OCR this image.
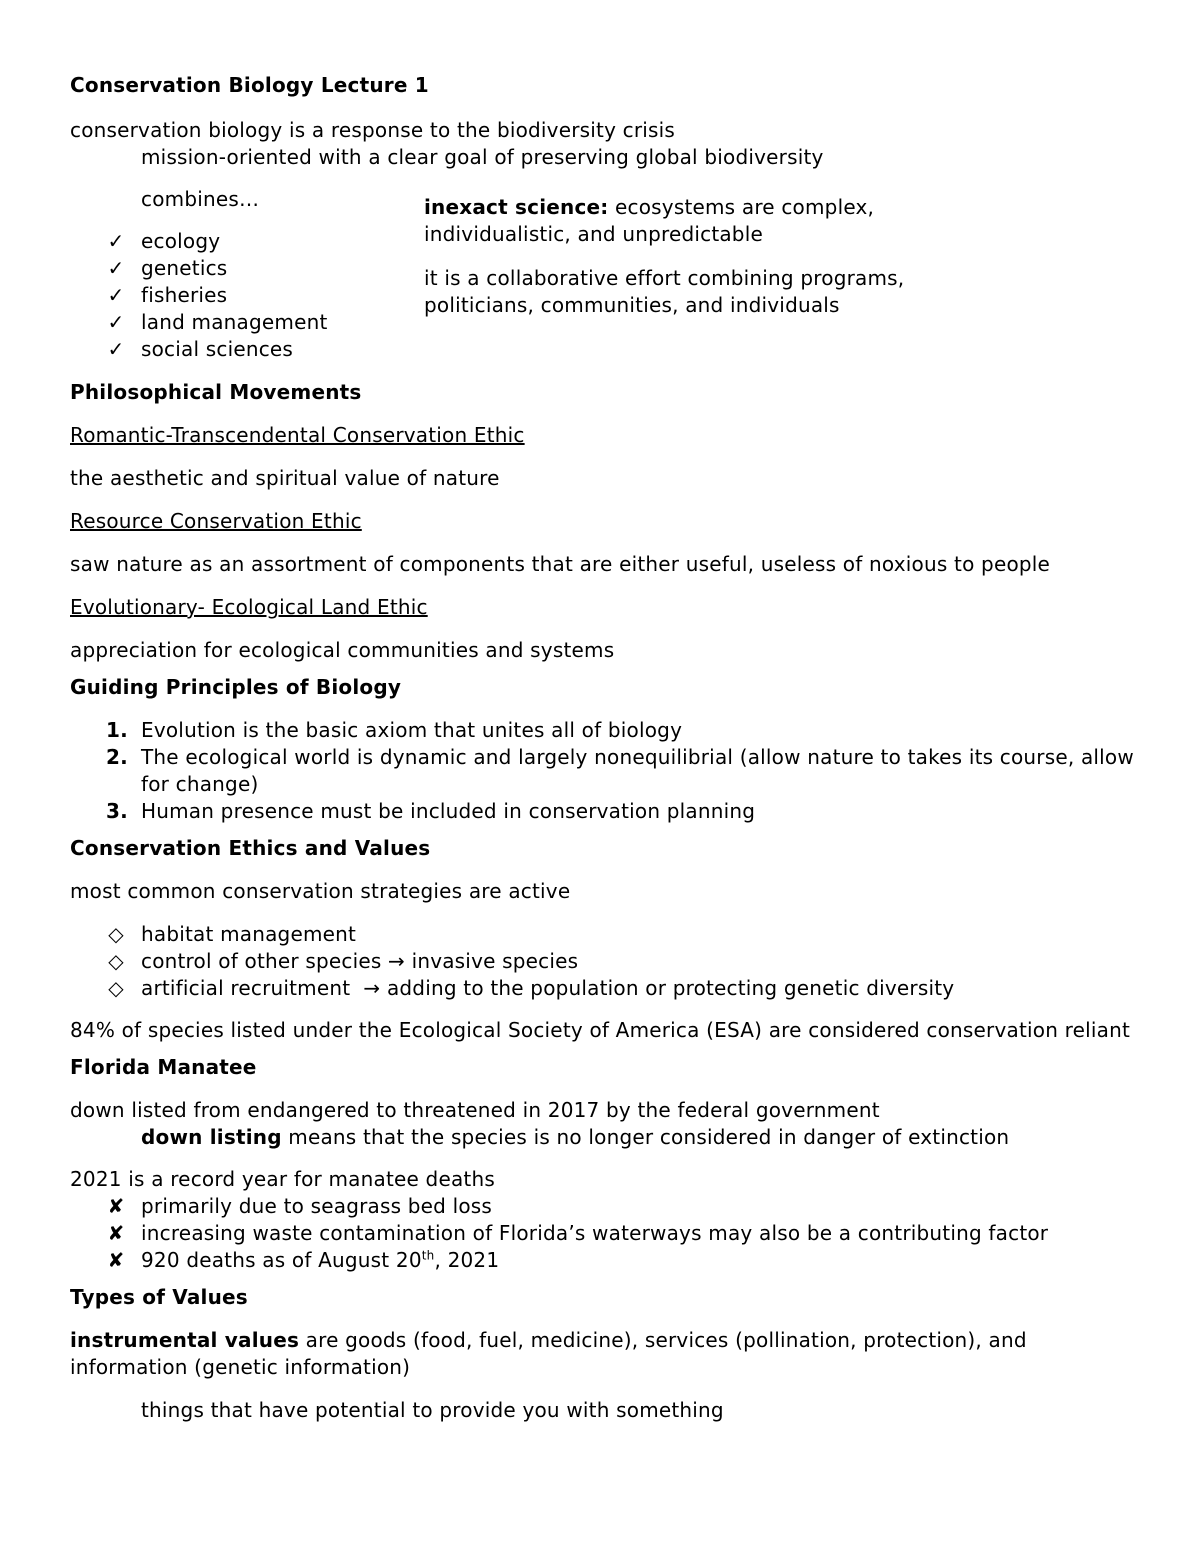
Conservation Biology Lecture 1

conservation biology is a response to the biodiversity crisis

mission-oriented with a clear goal of preserving global biodiversity

combines…

✓ ecology
✓ genetics
✓ fisheries
✓ land management
✓ social sciences

inexact science: ecosystems are complex, individualistic, and unpredictable

it is a collaborative effort combining programs, politicians, communities, and individuals

Philosophical Movements

Romantic-Transcendental Conservation Ethic

the aesthetic and spiritual value of nature

Resource Conservation Ethic

saw nature as an assortment of components that are either useful, useless of noxious to people

Evolutionary- Ecological Land Ethic

appreciation for ecological communities and systems

Guiding Principles of Biology

1. Evolution is the basic axiom that unites all of biology
2. The ecological world is dynamic and largely nonequilibrial (allow nature to takes its course, allow for change)
3. Human presence must be included in conservation planning

Conservation Ethics and Values

most common conservation strategies are active

◇ habitat management
◇ control of other species → invasive species
◇ artificial recruitment → adding to the population or protecting genetic diversity

84% of species listed under the Ecological Society of America (ESA) are considered conservation reliant

Florida Manatee

down listed from endangered to threatened in 2017 by the federal government

down listing means that the species is no longer considered in danger of extinction

2021 is a record year for manatee deaths

✘ primarily due to seagrass bed loss
✘ increasing waste contamination of Florida’s waterways may also be a contributing factor
✘ 920 deaths as of August 20th, 2021

Types of Values

instrumental values are goods (food, fuel, medicine), services (pollination, protection), and information (genetic information)

things that have potential to provide you with something
